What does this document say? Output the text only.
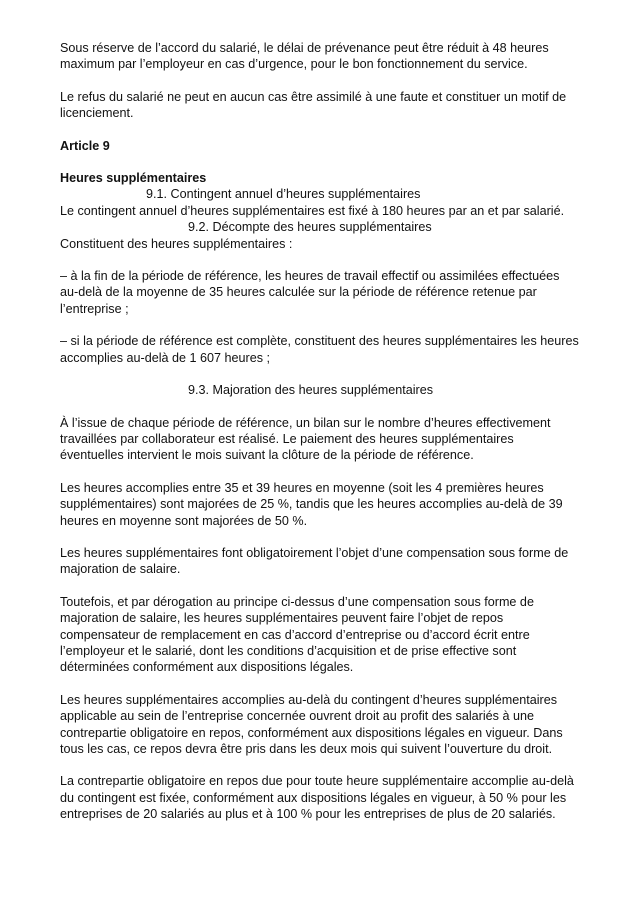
Sous réserve de l’accord du salarié, le délai de prévenance peut être réduit à 48 heures maximum par l’employeur en cas d’urgence, pour le bon fonctionnement du service.

Le refus du salarié ne peut en aucun cas être assimilé à une faute et constituer un motif de licenciement.

Article 9

Heures supplémentaires
9.1. Contingent annuel d’heures supplémentaires
Le contingent annuel d’heures supplémentaires est fixé à 180 heures par an et par salarié.
9.2. Décompte des heures supplémentaires
Constituent des heures supplémentaires :

– à la fin de la période de référence, les heures de travail effectif ou assimilées effectuées au-delà de la moyenne de 35 heures calculée sur la période de référence retenue par l’entreprise ;

– si la période de référence est complète, constituent des heures supplémentaires les heures accomplies au-delà de 1 607 heures ;

9.3. Majoration des heures supplémentaires

À l’issue de chaque période de référence, un bilan sur le nombre d’heures effectivement travaillées par collaborateur est réalisé. Le paiement des heures supplémentaires éventuelles intervient le mois suivant la clôture de la période de référence.

Les heures accomplies entre 35 et 39 heures en moyenne (soit les 4 premières heures supplémentaires) sont majorées de 25 %, tandis que les heures accomplies au-delà de 39 heures en moyenne sont majorées de 50 %.

Les heures supplémentaires font obligatoirement l’objet d’une compensation sous forme de majoration de salaire.

Toutefois, et par dérogation au principe ci-dessus d’une compensation sous forme de majoration de salaire, les heures supplémentaires peuvent faire l’objet de repos compensateur de remplacement en cas d’accord d’entreprise ou d’accord écrit entre l’employeur et le salarié, dont les conditions d’acquisition et de prise effective sont déterminées conformément aux dispositions légales.

Les heures supplémentaires accomplies au-delà du contingent d’heures supplémentaires applicable au sein de l’entreprise concernée ouvrent droit au profit des salariés à une contrepartie obligatoire en repos, conformément aux dispositions légales en vigueur. Dans tous les cas, ce repos devra être pris dans les deux mois qui suivent l’ouverture du droit.

La contrepartie obligatoire en repos due pour toute heure supplémentaire accomplie au-delà du contingent est fixée, conformément aux dispositions légales en vigueur, à 50 % pour les entreprises de 20 salariés au plus et à 100 % pour les entreprises de plus de 20 salariés.
